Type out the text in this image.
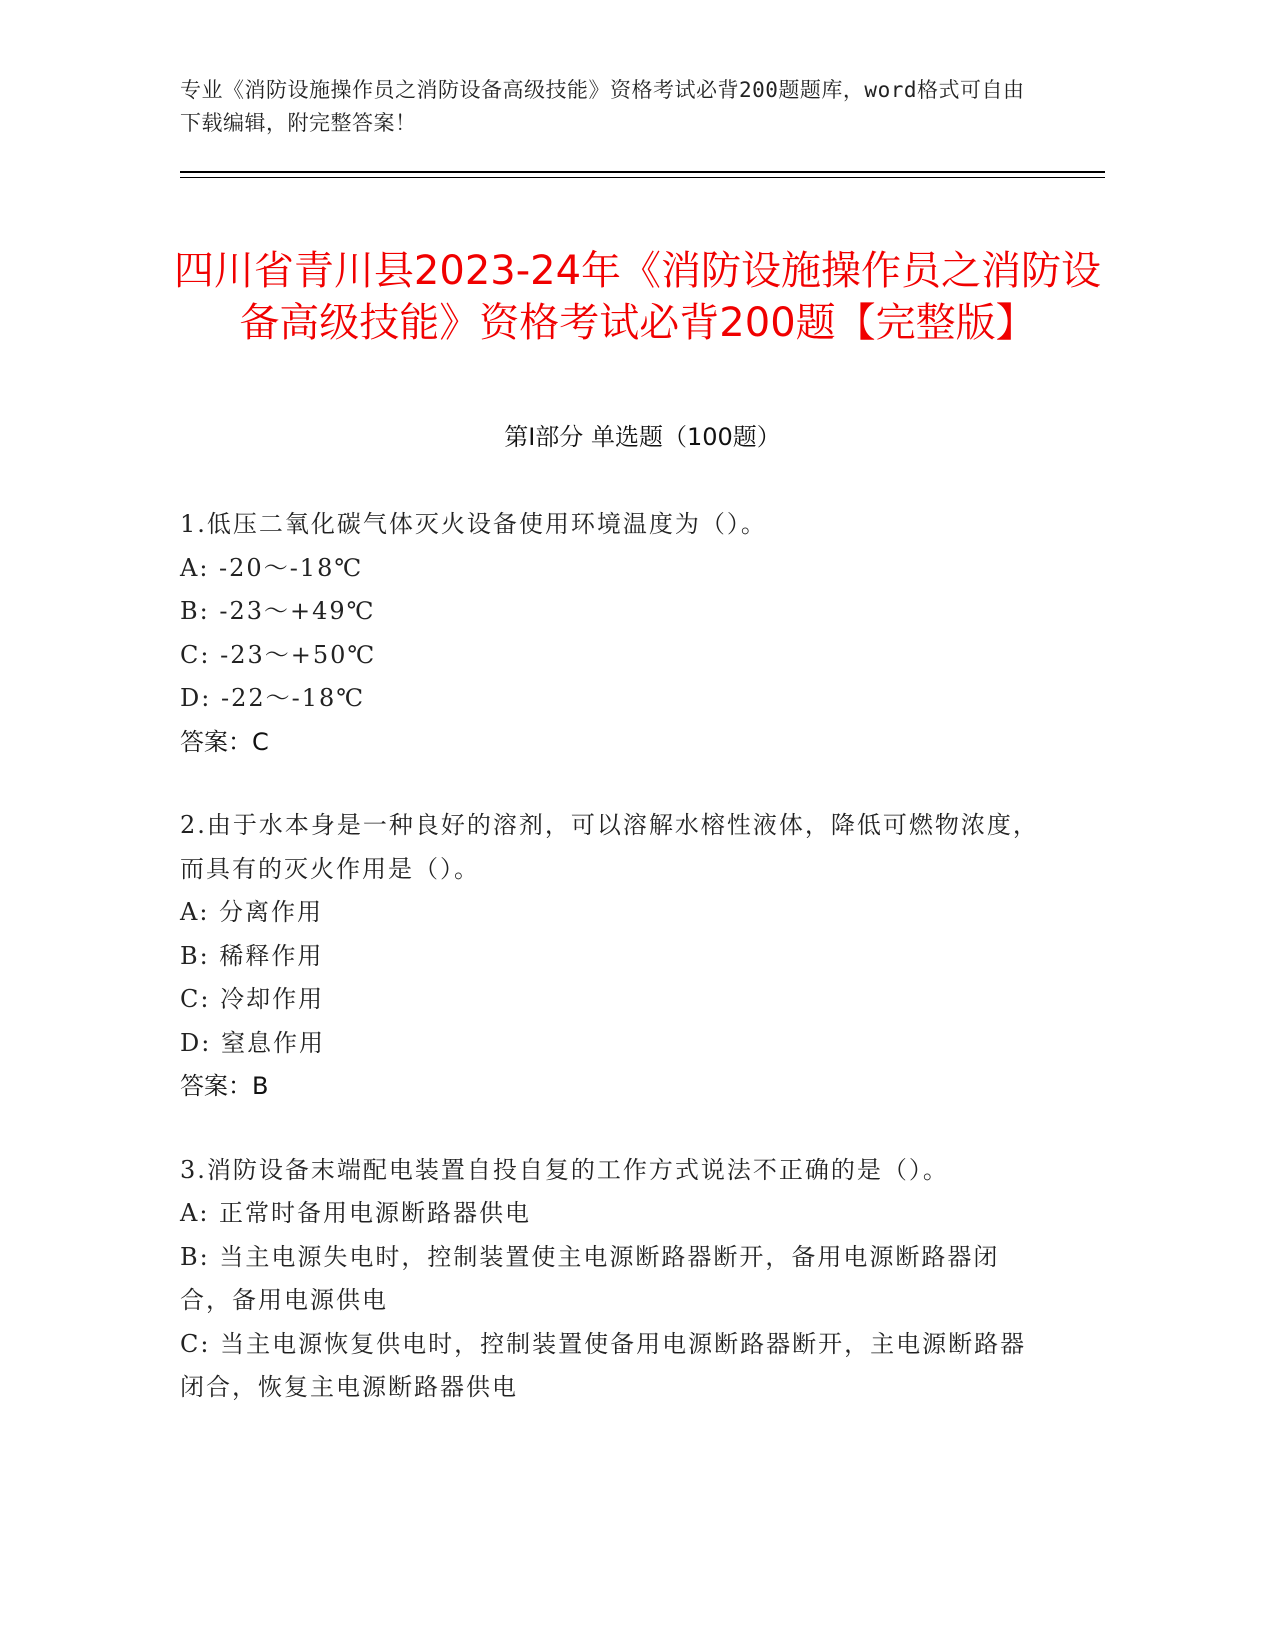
专业《消防设施操作员之消防设备高级技能》资格考试必背200题题库，word格式可自由下载编辑，附完整答案！
四川省青川县2023-24年《消防设施操作员之消防设备高级技能》资格考试必背200题【完整版】
第Ⅰ部分 单选题（100题）

1.低压二氧化碳气体灭火设备使用环境温度为（）。

A: -20～-18℃

B: -23～+49℃

C: -23～+50℃

D: -22～-18℃

答案：C

2.由于水本身是一种良好的溶剂，可以溶解水榕性液体，降低可燃物浓度，而具有的灭火作用是（）。

A: 分离作用

B: 稀释作用

C: 冷却作用

D: 窒息作用

答案：B

3.消防设备末端配电装置自投自复的工作方式说法不正确的是（）。

A: 正常时备用电源断路器供电

B: 当主电源失电时，控制装置使主电源断路器断开，备用电源断路器闭合，备用电源供电

C: 当主电源恢复供电时，控制装置使备用电源断路器断开，主电源断路器闭合，恢复主电源断路器供电
